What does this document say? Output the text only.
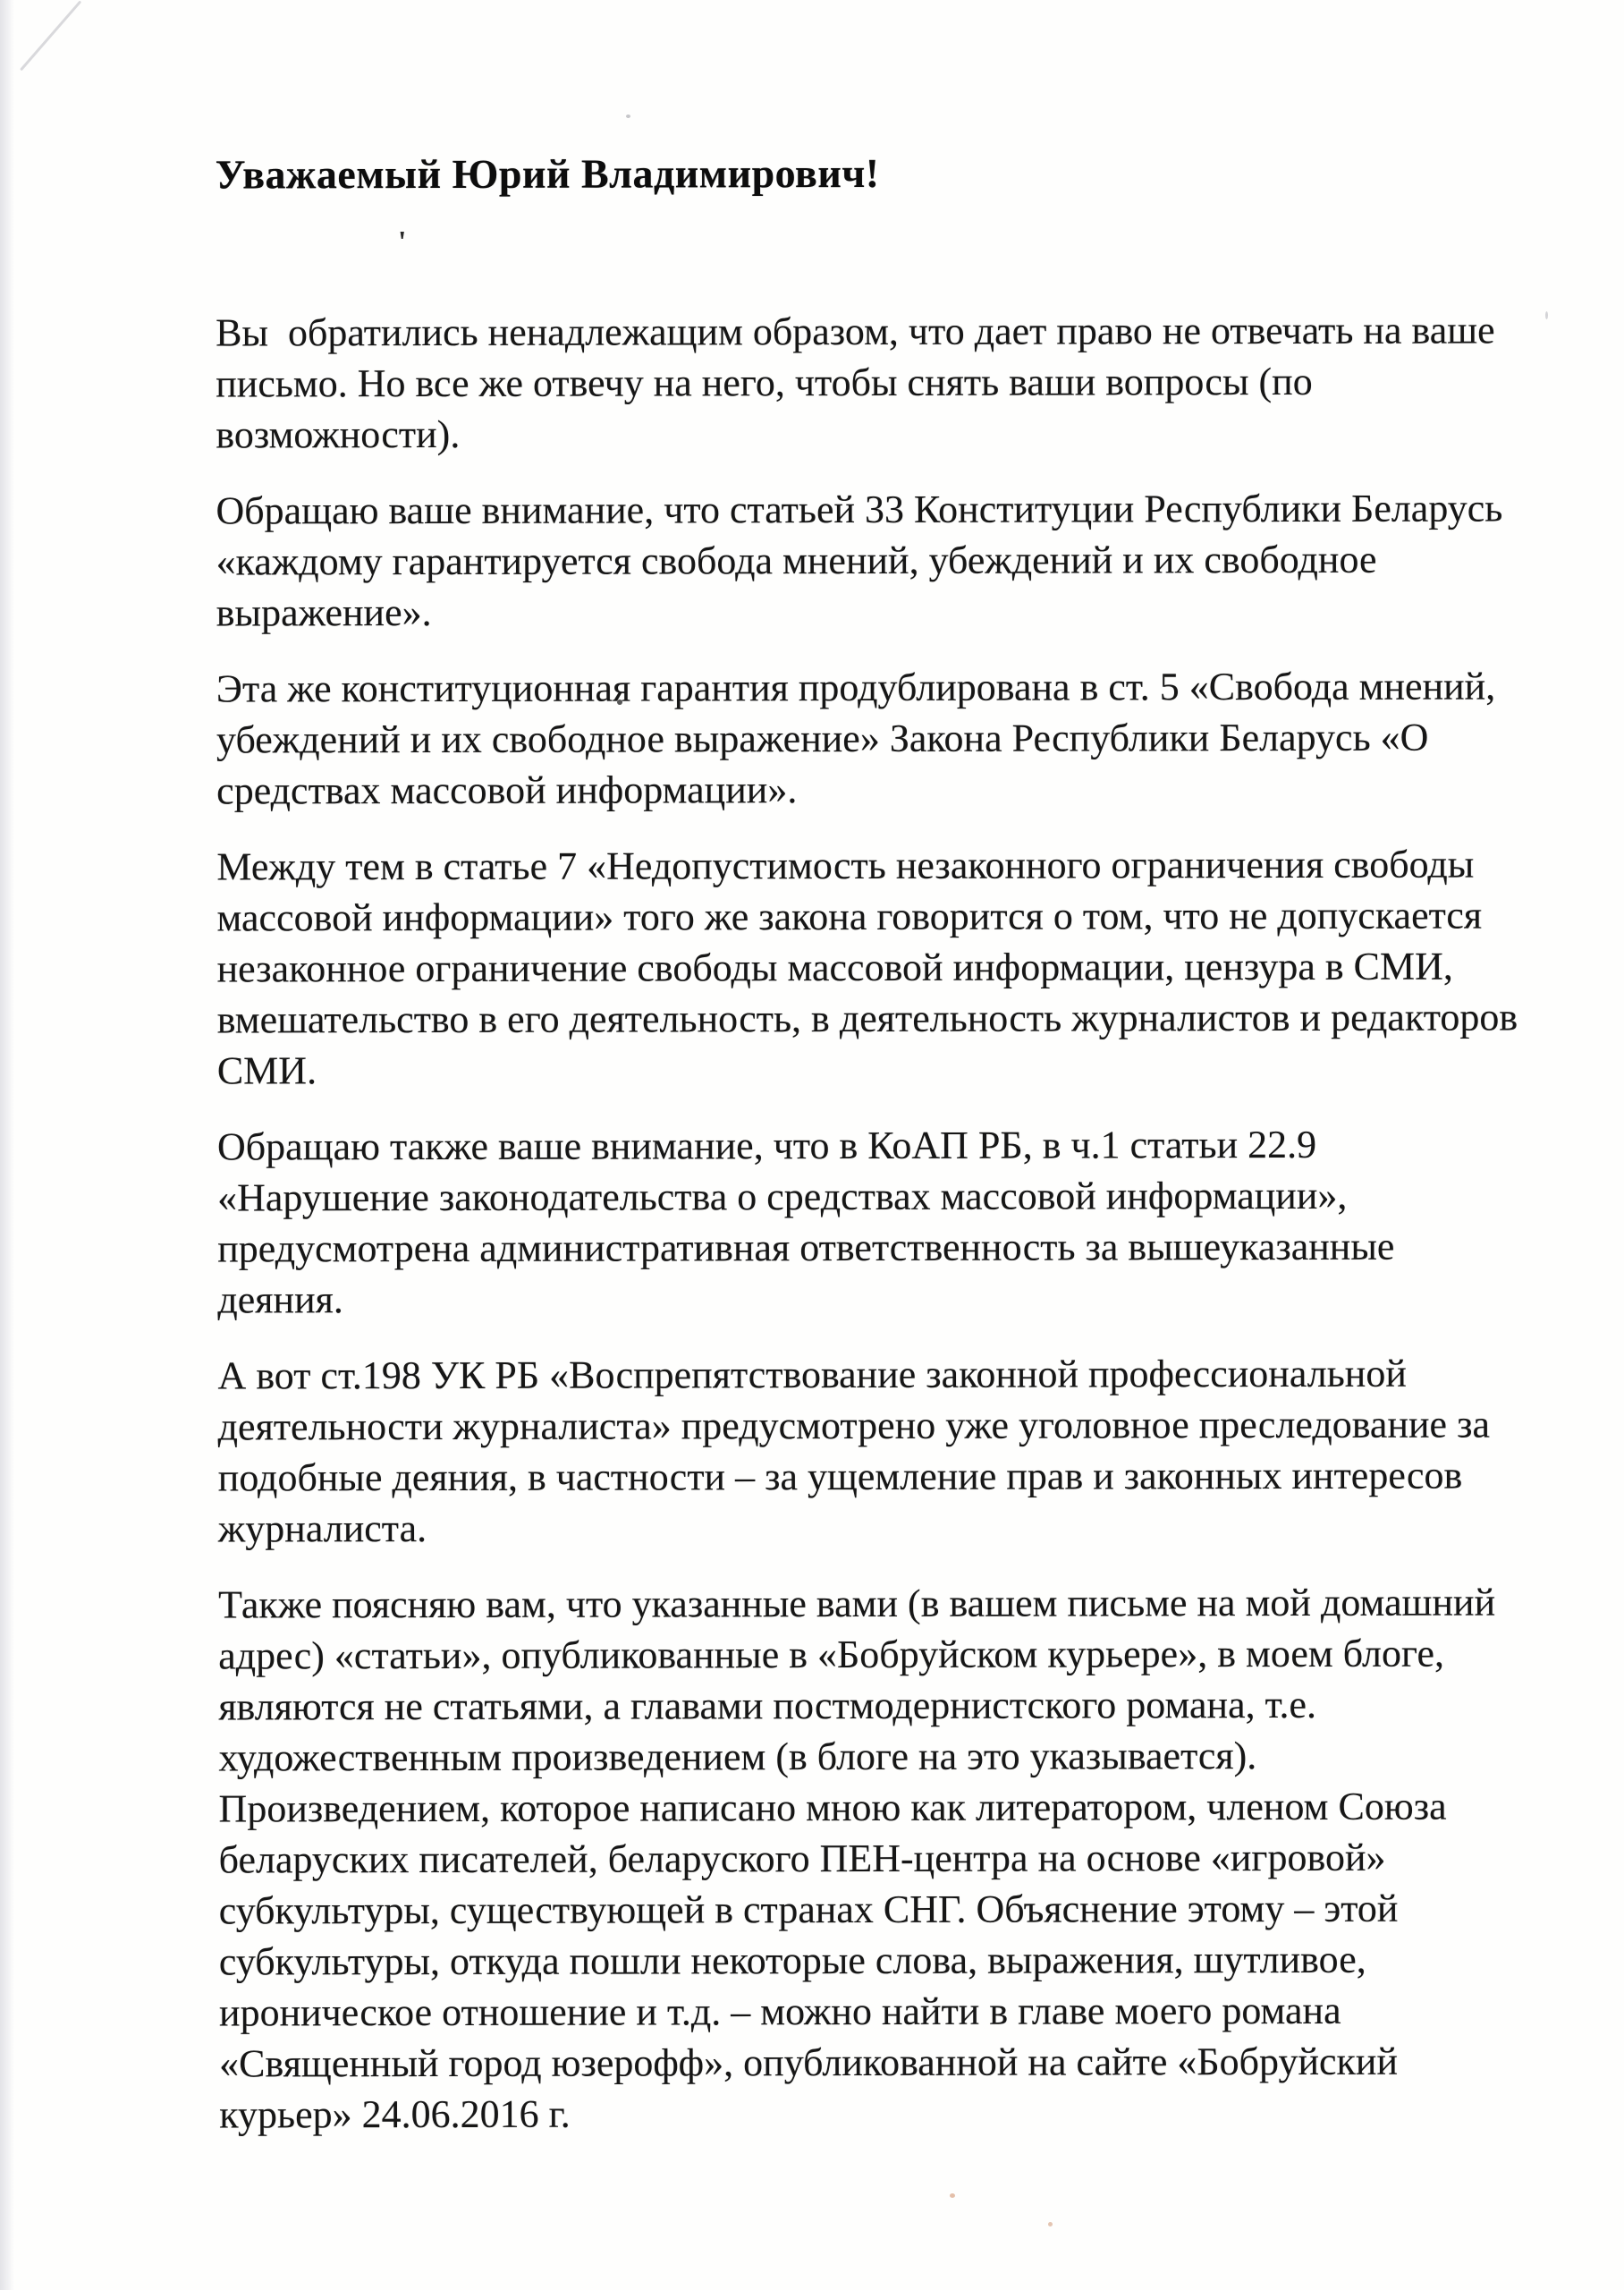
'
Уважаемый Юрий Владимирович!

Вы  обратились ненадлежащим образом, что дает право не отвечать на ваше
письмо. Но все же отвечу на него, чтобы снять ваши вопросы (по
возможности).

Обращаю ваше внимание, что статьей 33 Конституции Республики Беларусь
«каждому гарантируется свобода мнений, убеждений и их свободное
выражение».

Эта же конституционная гарантия продублирована в ст. 5 «Свобода мнений,
убеждений и их свободное выражение» Закона Республики Беларусь «О
средствах массовой информации».

Между тем в статье 7 «Недопустимость незаконного ограничения свободы
массовой информации» того же закона говорится о том, что не допускается
незаконное ограничение свободы массовой информации, цензура в СМИ,
вмешательство в его деятельность, в деятельность журналистов и редакторов
СМИ.

Обращаю также ваше внимание, что в КоАП РБ, в ч.1 статьи 22.9
«Нарушение законодательства о средствах массовой информации»,
предусмотрена административная ответственность за вышеуказанные
деяния.

А вот ст.198 УК РБ «Воспрепятствование законной профессиональной
деятельности журналиста» предусмотрено уже уголовное преследование за
подобные деяния, в частности – за ущемление прав и законных интересов
журналиста.

Также поясняю вам, что указанные вами (в вашем письме на мой домашний
адрес) «статьи», опубликованные в «Бобруйском курьере», в моем блоге,
являются не статьями, а главами постмодернистского романа, т.е.
художественным произведением (в блоге на это указывается).
Произведением, которое написано мною как литератором, членом Союза
беларуских писателей, беларуского ПЕН-центра на основе «игровой»
субкультуры, существующей в странах СНГ. Объяснение этому – этой
субкультуры, откуда пошли некоторые слова, выражения, шутливое,
ироническое отношение и т.д. – можно найти в главе моего романа
«Священный город юзерофф», опубликованной на сайте «Бобруйский
курьер» 24.06.2016 г.
